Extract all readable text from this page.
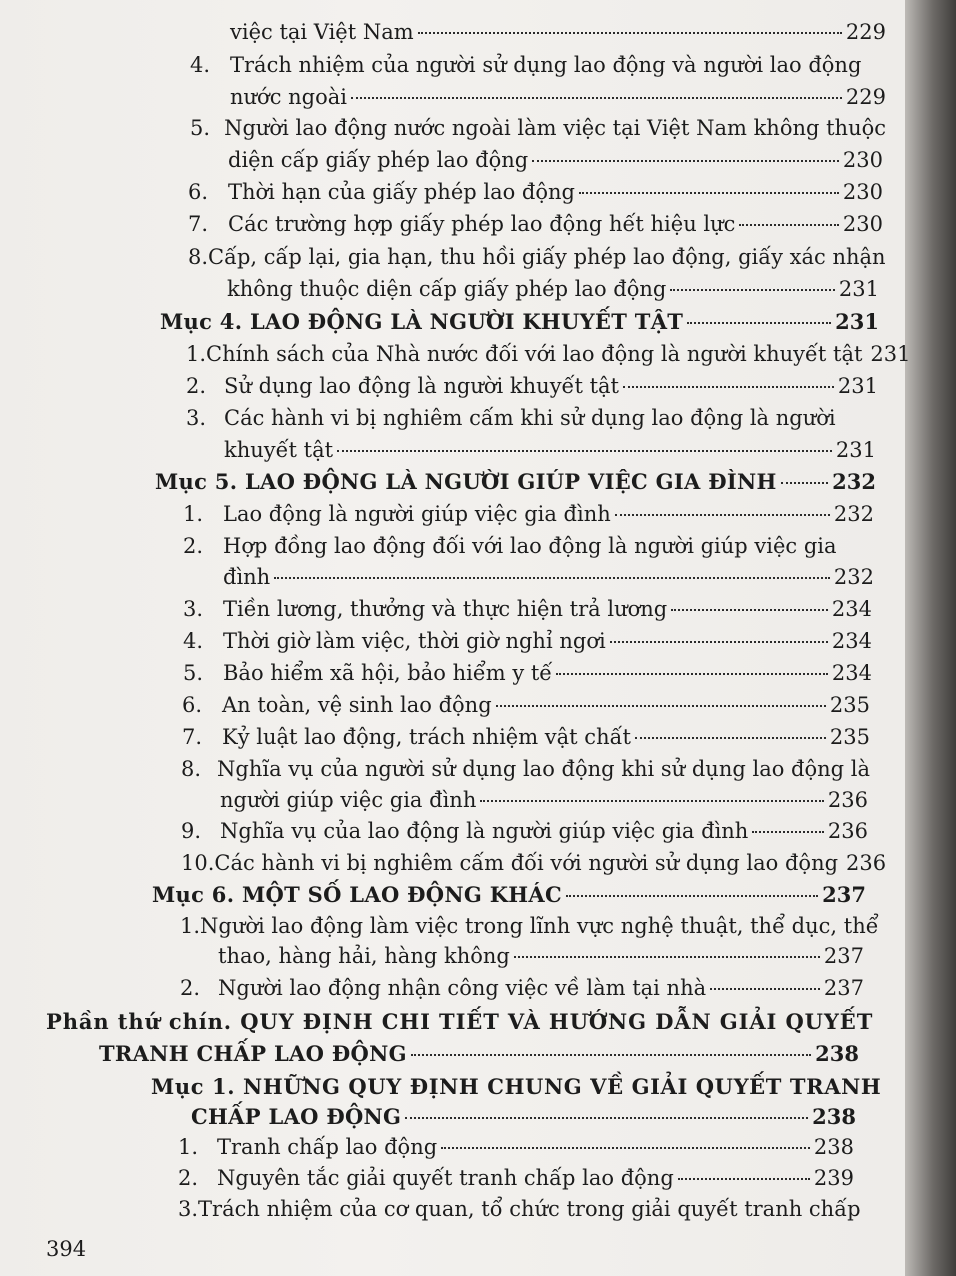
việc tại Việt Nam	229
4. Trách nhiệm của người sử dụng lao động và người lao động
nước ngoài	229
5. Người lao động nước ngoài làm việc tại Việt Nam không thuộc
diện cấp giấy phép lao động	230
6. Thời hạn của giấy phép lao động	230
7. Các trường hợp giấy phép lao động hết hiệu lực	230
8. Cấp, cấp lại, gia hạn, thu hồi giấy phép lao động, giấy xác nhận
không thuộc diện cấp giấy phép lao động	231
Mục 4. LAO ĐỘNG LÀ NGƯỜI KHUYẾT TẬT	231
1. Chính sách của Nhà nước đối với lao động là người khuyết tật 231
2. Sử dụng lao động là người khuyết tật	231
3. Các hành vi bị nghiêm cấm khi sử dụng lao động là người
khuyết tật	231
Mục 5. LAO ĐỘNG LÀ NGƯỜI GIÚP VIỆC GIA ĐÌNH	232
1. Lao động là người giúp việc gia đình	232
2. Hợp đồng lao động đối với lao động là người giúp việc gia
đình	232
3. Tiền lương, thưởng và thực hiện trả lương	234
4. Thời giờ làm việc, thời giờ nghỉ ngơi	234
5. Bảo hiểm xã hội, bảo hiểm y tế	234
6. An toàn, vệ sinh lao động	235
7. Kỷ luật lao động, trách nhiệm vật chất	235
8. Nghĩa vụ của người sử dụng lao động khi sử dụng lao động là
người giúp việc gia đình	236
9. Nghĩa vụ của lao động là người giúp việc gia đình	236
10. Các hành vi bị nghiêm cấm đối với người sử dụng lao động 236
Mục 6. MỘT SỐ LAO ĐỘNG KHÁC	237
1. Người lao động làm việc trong lĩnh vực nghệ thuật, thể dục, thể
thao, hàng hải, hàng không	237
2. Người lao động nhận công việc về làm tại nhà	237
Phần thứ chín. QUY ĐỊNH CHI TIẾT VÀ HƯỚNG DẪN GIẢI QUYẾT
TRANH CHẤP LAO ĐỘNG	238
Mục 1. NHỮNG QUY ĐỊNH CHUNG VỀ GIẢI QUYẾT TRANH
CHẤP LAO ĐỘNG	238
1. Tranh chấp lao động	238
2. Nguyên tắc giải quyết tranh chấp lao động	239
3. Trách nhiệm của cơ quan, tổ chức trong giải quyết tranh chấp
394
